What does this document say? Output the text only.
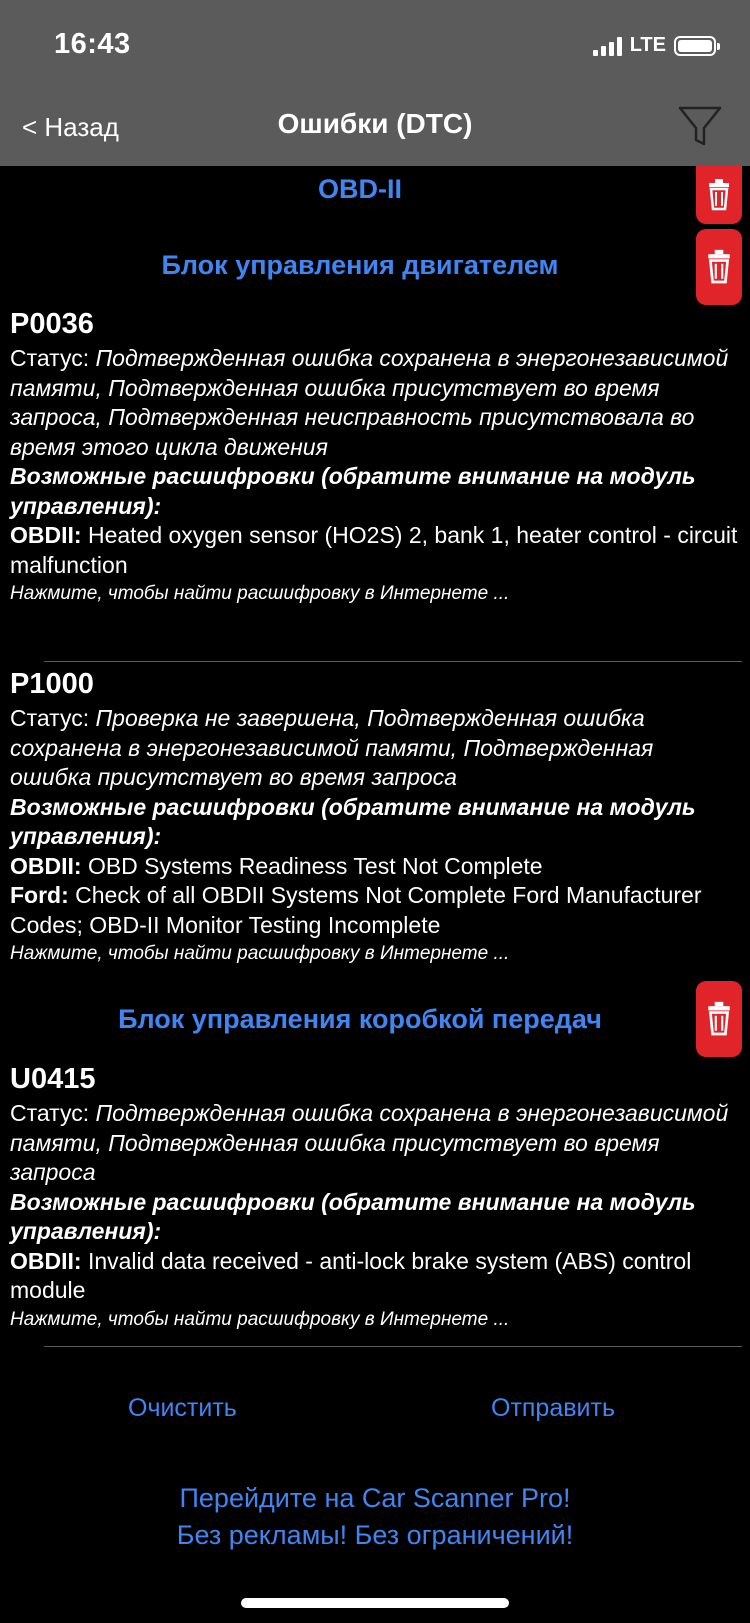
16:43	LTE
< Назад	Ошибки (DTC)
OBD-II
Блок управления двигателем
P0036
Статус: Подтвержденная ошибка сохранена в энергонезависимой памяти, Подтвержденная ошибка присутствует во время запроса, Подтвержденная неисправность присутствовала во время этого цикла движения
Возможные расшифровки (обратите внимание на модуль управления):
OBDII: Heated oxygen sensor (HO2S) 2, bank 1, heater control - circuit malfunction
Нажмите, чтобы найти расшифровку в Интернете ...
P1000
Статус: Проверка не завершена, Подтвержденная ошибка сохранена в энергонезависимой памяти, Подтвержденная ошибка присутствует во время запроса
Возможные расшифровки (обратите внимание на модуль управления):
OBDII: OBD Systems Readiness Test Not Complete
Ford: Check of all OBDII Systems Not Complete Ford Manufacturer Codes; OBD-II Monitor Testing Incomplete
Нажмите, чтобы найти расшифровку в Интернете ...
Блок управления коробкой передач
U0415
Статус: Подтвержденная ошибка сохранена в энергонезависимой памяти, Подтвержденная ошибка присутствует во время запроса
Возможные расшифровки (обратите внимание на модуль управления):
OBDII: Invalid data received - anti-lock brake system (ABS) control module
Нажмите, чтобы найти расшифровку в Интернете ...
Очистить	Отправить
Перейдите на Car Scanner Pro!
Без рекламы! Без ограничений!
